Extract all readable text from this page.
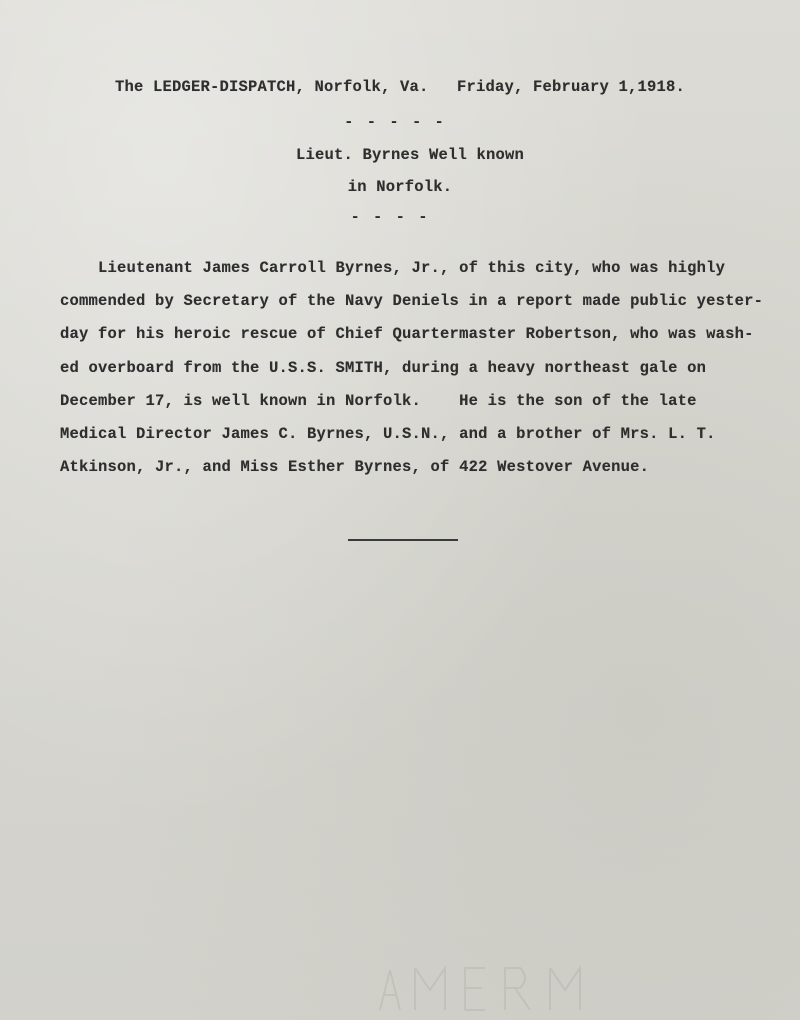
The LEDGER-DISPATCH, Norfolk, Va.   Friday, February 1,1918.
- - - - -
Lieut. Byrnes Well known
in Norfolk.
- - - -
Lieutenant James Carroll Byrnes, Jr., of this city, who was highly
commended by Secretary of the Navy Deniels in a report made public yester-
day for his heroic rescue of Chief Quartermaster Robertson, who was wash-
ed overboard from the U.S.S. SMITH, during a heavy northeast gale on
December 17, is well known in Norfolk.    He is the son of the late
Medical Director James C. Byrnes, U.S.N., and a brother of Mrs. L. T.
Atkinson, Jr., and Miss Esther Byrnes, of 422 Westover Avenue.
